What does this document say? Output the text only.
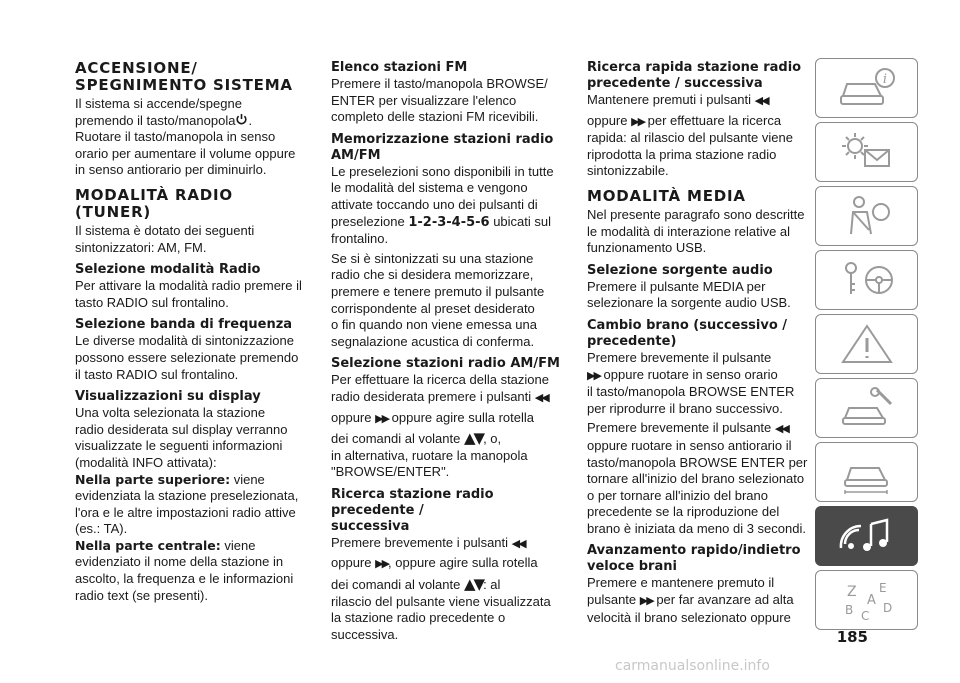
ACCENSIONE/
SPEGNIMENTO SISTEMA

Il sistema si accende/spegne
premendo il tasto/manopola .
Ruotare il tasto/manopola in senso
orario per aumentare il volume oppure
in senso antiorario per diminuirlo.

MODALITÀ RADIO
(TUNER)

Il sistema è dotato dei seguenti
sintonizzatori: AM, FM.

Selezione modalità Radio

Per attivare la modalità radio premere il
tasto RADIO sul frontalino.

Selezione banda di frequenza

Le diverse modalità di sintonizzazione
possono essere selezionate premendo
il tasto RADIO sul frontalino.

Visualizzazioni su display

Una volta selezionata la stazione
radio desiderata sul display verranno
visualizzate le seguenti informazioni
(modalità INFO attivata):

Nella parte superiore: viene
evidenziata la stazione preselezionata,
l'ora e le altre impostazioni radio attive
(es.: TA).

Nella parte centrale: viene
evidenziato il nome della stazione in
ascolto, la frequenza e le informazioni
radio text (se presenti).

Elenco stazioni FM

Premere il tasto/manopola BROWSE/
ENTER per visualizzare l'elenco
completo delle stazioni FM ricevibili.

Memorizzazione stazioni radio
AM/FM

Le preselezioni sono disponibili in tutte
le modalità del sistema e vengono
attivate toccando uno dei pulsanti di
preselezione 1-2-3-4-5-6 ubicati sul
frontalino.

Se si è sintonizzati su una stazione
radio che si desidera memorizzare,
premere e tenere premuto il pulsante
corrispondente al preset desiderato
o fin quando non viene emessa una
segnalazione acustica di conferma.

Selezione stazioni radio AM/FM

Per effettuare la ricerca della stazione
radio desiderata premere i pulsanti ◀◀

oppure ▶▶ oppure agire sulla rotella

dei comandi al volante ▲▼, o,
in alternativa, ruotare la manopola
"BROWSE/ENTER".

Ricerca stazione radio precedente /
successiva

Premere brevemente i pulsanti ◀◀

oppure ▶▶, oppure agire sulla rotella

dei comandi al volante ▲▼: al
rilascio del pulsante viene visualizzata
la stazione radio precedente o
successiva.

Ricerca rapida stazione radio
precedente / successiva

Mantenere premuti i pulsanti ◀◀

oppure ▶▶ per effettuare la ricerca
rapida: al rilascio del pulsante viene
riprodotta la prima stazione radio
sintonizzabile.

MODALITÀ MEDIA

Nel presente paragrafo sono descritte
le modalità di interazione relative al
funzionamento USB.

Selezione sorgente audio

Premere il pulsante MEDIA per
selezionare la sorgente audio USB.

Cambio brano (successivo /
precedente)

Premere brevemente il pulsante
▶▶ oppure ruotare in senso orario
il tasto/manopola BROWSE ENTER
per riprodurre il brano successivo.

Premere brevemente il pulsante ◀◀
oppure ruotare in senso antiorario il
tasto/manopola BROWSE ENTER per
tornare all'inizio del brano selezionato
o per tornare all'inizio del brano
precedente se la riproduzione del
brano è iniziata da meno di 3 secondi.

Avanzamento rapido/indietro
veloce brani

Premere e mantenere premuto il
pulsante ▶▶ per far avanzare ad alta
velocità il brano selezionato oppure

i
Z E
B C
D
A
185
carmanualsonline.info
